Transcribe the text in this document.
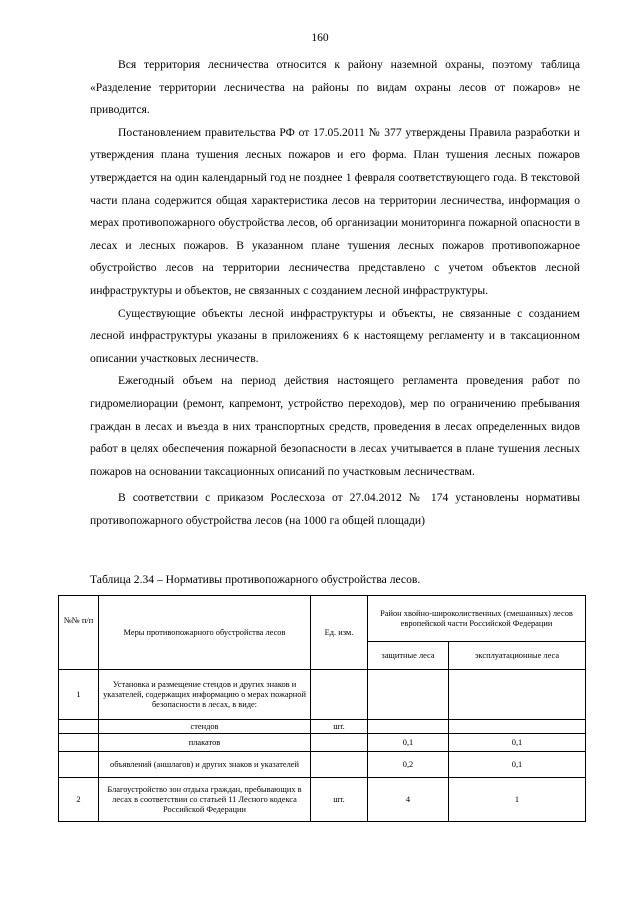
160

Вся территория лесничества относится к району наземной охраны, поэтому таблица «Разделение территории лесничества на районы по видам охраны лесов от пожаров» не приводится.

Постановлением правительства РФ от 17.05.2011 № 377 утверждены Правила разработки и утверждения плана тушения лесных пожаров и его форма. План тушения лесных пожаров утверждается на один календарный год не позднее 1 февраля соответствующего года. В текстовой части плана содержится общая характеристика лесов на территории лесничества, информация о мерах противопожарного обустройства лесов, об организации мониторинга пожарной опасности в лесах и лесных пожаров. В указанном плане тушения лесных пожаров противопожарное обустройство лесов на территории лесничества представлено с учетом объектов лесной инфраструктуры и объектов, не связанных с созданием лесной инфраструктуры.

Существующие объекты лесной инфраструктуры и объекты, не связанные с созданием лесной инфраструктуры указаны в приложениях 6 к настоящему регламенту и в таксационном описании участковых лесничеств.

Ежегодный объем на период действия настоящего регламента проведения работ по гидромелиорации (ремонт, капремонт, устройство переходов), мер по ограничению пребывания граждан в лесах и въезда в них транспортных средств, проведения в лесах определенных видов работ в целях обеспечения пожарной безопасности в лесах учитывается в плане тушения лесных пожаров на основании таксационных описаний по участковым лесничествам.

В соответствии с приказом Рослесхоза от 27.04.2012 № 174 установлены нормативы противопожарного обустройства лесов (на 1000 га общей площади)

Таблица 2.34 – Нормативы противопожарного обустройства лесов.
№№ п/п	Меры противопожарного обустройства лесов	Ед. изм.	Район хвойно-широколиственных (смешанных) лесов европейской части Российской Федерации	
			защитные леса	эксплуатационные леса
1	Установка и размещение стендов и других знаков и указателей, содержащих информацию о мерах пожарной безопасности в лесах, в виде:			
	стендов	шт.		
	плакатов		0,1	0,1
	объявлений (аншлагов) и других знаков и указателей		0,2	0,1
2	Благоустройство зон отдыха граждан, пребывающих в лесах в соответствии со статьей 11 Лесного кодекса Российской Федерации	шт.	4	1
